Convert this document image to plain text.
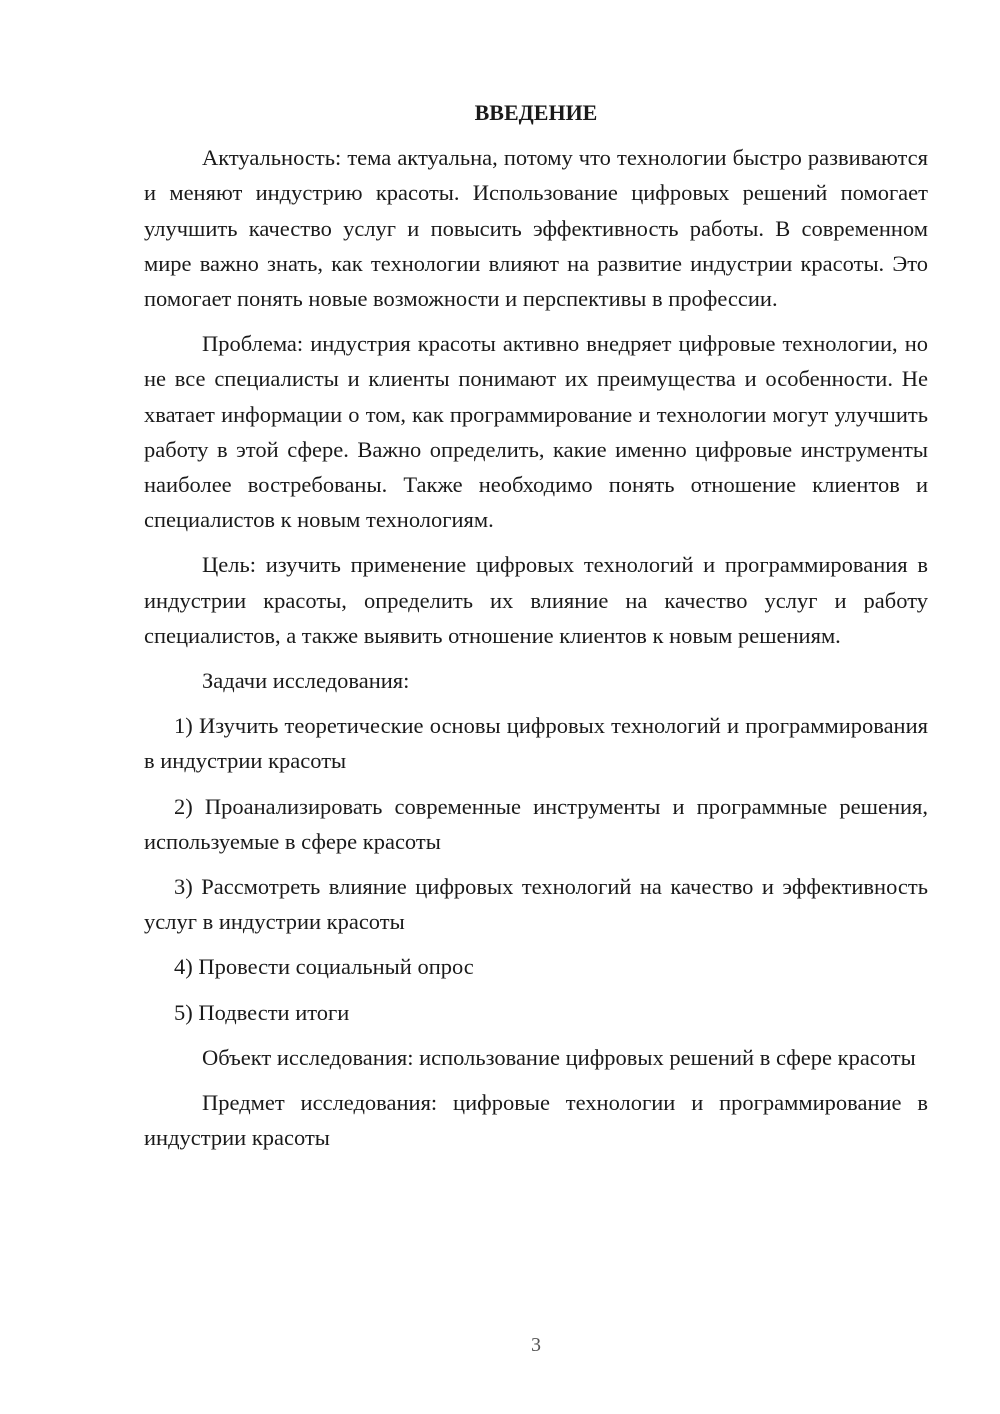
ВВЕДЕНИЕ

Актуальность: тема актуальна, потому что технологии быстро развиваются и меняют индустрию красоты. Использование цифровых решений помогает улучшить качество услуг и повысить эффективность работы. В современном мире важно знать, как технологии влияют на развитие индустрии красоты. Это помогает понять новые возможности и перспективы в профессии.

Проблема: индустрия красоты активно внедряет цифровые технологии, но не все специалисты и клиенты понимают их преимущества и особенности. Не хватает информации о том, как программирование и технологии могут улучшить работу в этой сфере. Важно определить, какие именно цифровые инструменты наиболее востребованы. Также необходимо понять отношение клиентов и специалистов к новым технологиям.

Цель: изучить применение цифровых технологий и программирования в индустрии красоты, определить их влияние на качество услуг и работу специалистов, а также выявить отношение клиентов к новым решениям.

Задачи исследования:

1) Изучить теоретические основы цифровых технологий и программирования в индустрии красоты

2) Проанализировать современные инструменты и программные решения, используемые в сфере красоты

3) Рассмотреть влияние цифровых технологий на качество и эффективность услуг в индустрии красоты

4) Провести социальный опрос

5) Подвести итоги

Объект исследования: использование цифровых решений в сфере красоты

Предмет исследования: цифровые технологии и программирование в индустрии красоты

3
